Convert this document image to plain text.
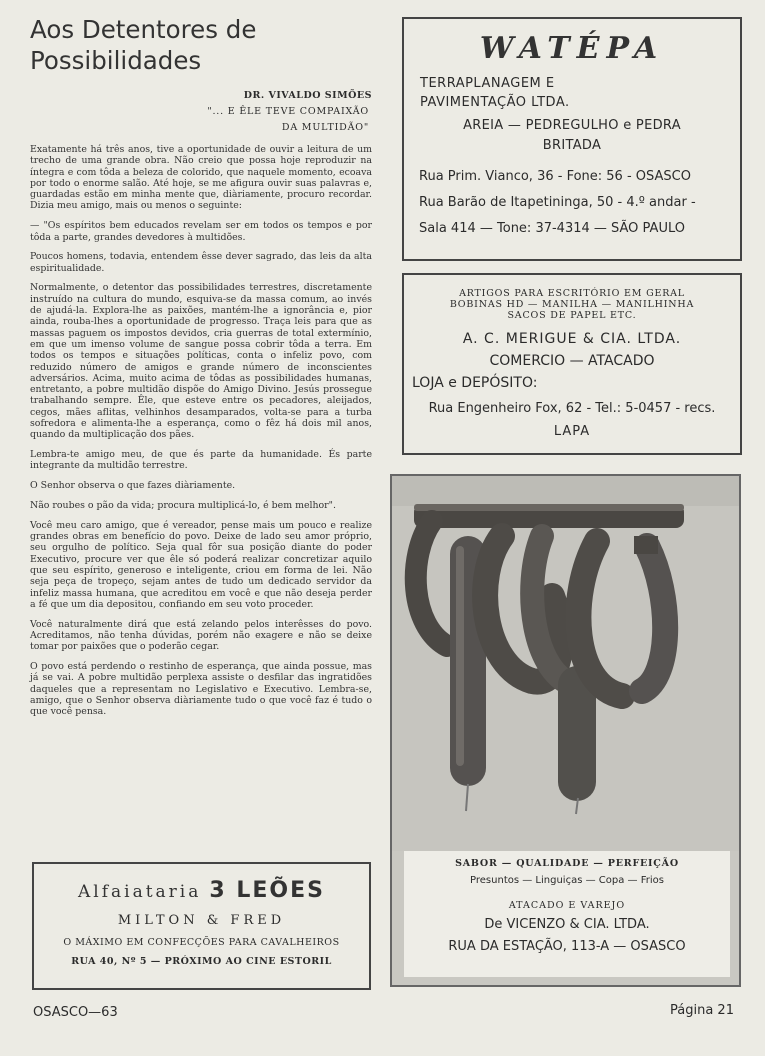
Aos Detentores de
Possibilidades
DR. VIVALDO SIMÕES
"... E ÊLE TEVE COMPAIXÃO
DA MULTIDÃO"

Exatamente há três anos, tive a oportunidade de ouvir a leitura de um trecho de uma grande obra. Não creio que possa hoje reproduzir na íntegra e com tôda a beleza de colorido, que naquele momento, ecoava por todo o enorme salão. Até hoje, se me afigura ouvir suas palavras e, guardadas estão em minha mente que, diàriamente, procuro recordar. Dizia meu amigo, mais ou menos o seguinte:

— "Os espíritos bem educados revelam ser em todos os tempos e por tôda a parte, grandes devedores à multidões.

Poucos homens, todavia, entendem êsse dever sagrado, das leis da alta espiritualidade.

Normalmente, o detentor das possibilidades terrestres, discretamente instruído na cultura do mundo, esquiva-se da massa comum, ao invés de ajudá-la. Explora-lhe as paixões, mantém-lhe a ignorância e, pior ainda, rouba-lhes a oportunidade de progresso. Traça leis para que as massas paguem os impostos devidos, cria guerras de total extermínio, em que um imenso volume de sangue possa cobrir tôda a terra. Em todos os tempos e situações políticas, conta o infeliz povo, com reduzido número de amigos e grande número de inconscientes adversários. Acima, muito acima de tôdas as possibilidades humanas, entretanto, a pobre multidão dispõe do Amigo Divino. Jesús prossegue trabalhando sempre. Êle, que esteve entre os pecadores, aleijados, cegos, mães aflitas, velhinhos desamparados, volta-se para a turba sofredora e alimenta-lhe a esperança, como o fêz há dois mil anos, quando da multiplicação dos pães.

Lembra-te amigo meu, de que és parte da humanidade. És parte integrante da multidão terrestre.

O Senhor observa o que fazes diàriamente.

Não roubes o pão da vida; procura multiplicá-lo, é bem melhor".

Você meu caro amigo, que é vereador, pense mais um pouco e realize grandes obras em benefício do povo. Deixe de lado seu amor próprio, seu orgulho de político. Seja qual fôr sua posição diante do poder Executivo, procure ver que êle só poderá realizar concretizar aquilo que seu espírito, generoso e inteligente, criou em forma de lei. Não seja peça de tropeço, sejam antes de tudo um dedicado servidor da infeliz massa humana, que acreditou em você e que não deseja perder a fé que um dia depositou, confiando em seu voto proceder.

Você naturalmente dirá que está zelando pelos interêsses do povo. Acreditamos, não tenha dúvidas, porém não exagere e não se deixe tomar por paixões que o poderão cegar.

O povo está perdendo o restinho de esperança, que ainda possue, mas já se vai. A pobre multidão perplexa assiste o desfilar das ingratidões daqueles que a representam no Legislativo e Executivo. Lembra-se, amigo, que o Senhor observa diàriamente tudo o que você faz é tudo o que você pensa.

Alfaiataria 3 LEÕES
MILTON & FRED
O MÁXIMO EM CONFECÇÕES PARA CAVALHEIROS
RUA 40, Nº 5 — PRÓXIMO AO CINE ESTORIL
WATÉPA
TERRAPLANAGEM E
PAVIMENTAÇÃO LTDA.
AREIA — PEDREGULHO e PEDRA
BRITADA
Rua Prim. Vianco, 36 - Fone: 56 - OSASCO
Rua Barão de Itapetininga, 50 - 4.º andar -
Sala 414 — Tone: 37-4314 — SÃO PAULO
ARTIGOS PARA ESCRITÓRIO EM GERAL
BOBINAS HD — MANILHA — MANILHINHA
SACOS DE PAPEL ETC.
A. C. MERIGUE & CIA. LTDA.
COMERCIO — ATACADO
LOJA e DEPÓSITO:
Rua Engenheiro Fox, 62 - Tel.: 5-0457 - recs.
LAPA
SABOR — QUALIDADE — PERFEIÇÃO
Presuntos — Linguiças — Copa — Frios
ATACADO E VAREJO
De VICENZO & CIA. LTDA.
RUA DA ESTAÇÃO, 113-A — OSASCO
OSASCO—63	Página 21
